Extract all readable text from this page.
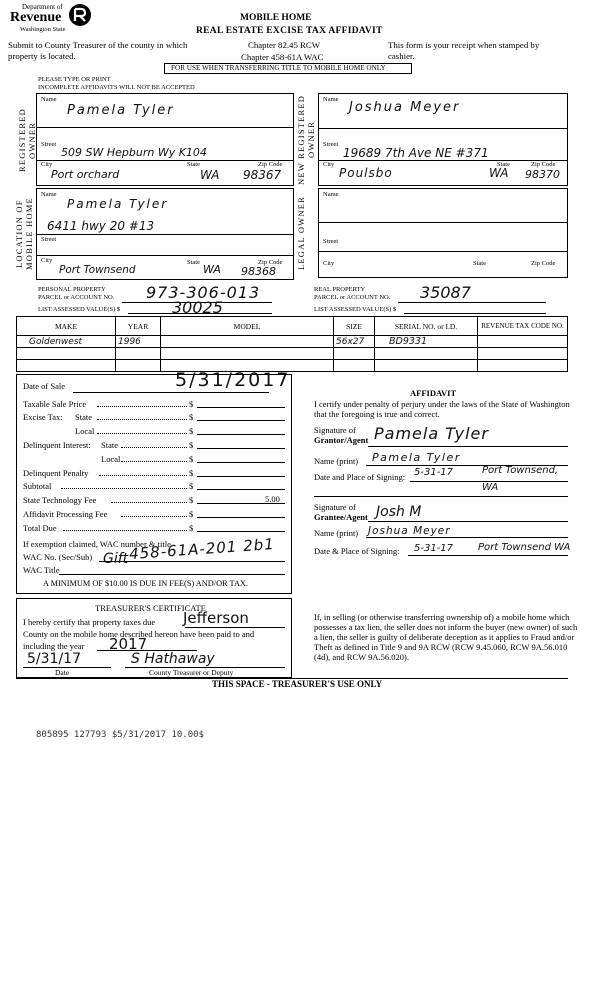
Department of
Revenue
Washington State
MOBILE HOME
REAL ESTATE EXCISE TAX AFFIDAVIT
Submit to County Treasurer of the county in which property is located.
Chapter 82.45 RCW
Chapter 458-61A WAC
This form is your receipt when stamped by cashier.
FOR USE WHEN TRANSFERRING TITLE TO MOBILE HOME ONLY
PLEASE TYPE OR PRINT
INCOMPLETE AFFIDAVITS WILL NOT BE ACCEPTED
REGISTERED OWNER
Name
Pamela Tyler
Street
509 SW Hepburn Wy K104
City	State	Zip Code
Port orchard	WA 98367 NEW REGISTERED OWNER
Name
Joshua Meyer
Street
19689 7th Ave NE #371
City	State	Zip Code
Poulsbo	WA 98370
LOCATION OF MOBILE HOME
Name
Pamela Tyler
6411 hwy 20 #13
Street
City	State	Zip Code
Port Townsend	WA 98368
LEGAL OWNER
Name
Street
City	State	Zip Code
PERSONAL PROPERTY
PARCEL or ACCOUNT NO. 973-306-013
LIST ASSESSED VALUE(S) $	30025
REAL PROPERTY
PARCEL or ACCOUNT NO. 35087
LIST ASSESSED VALUE(S) $
MAKE	YEAR	MODEL	SIZE	SERIAL NO. or I.D.	REVENUE TAX CODE NO.
Goldenwest	1996		56x27	BD9331	

Date of Sale	5/31/2017
Taxable Sale Price	$
Excise Tax: State	$
Local	$
Delinquent Interest: State	$
Local	$
Delinquent Penalty	$
Subtotal	$
State Technology Fee	$	5.00
Affidavit Processing Fee	$
Total Due	$
If exemption claimed, WAC number & title
WAC No. (Sec/Sub) 458-61A-201 2b1
WAC Title
Gift
A MINIMUM OF $10.00 IS DUE IN FEE(S) AND/OR TAX.
AFFIDAVIT
I certify under penalty of perjury under the laws of the State of Washington that the foregoing is true and correct.
Signature of
Grantor/Agent Pamela Tyler
Name (print) Pamela Tyler
Date and Place of Signing: 5-31-17	Port Townsend,
WA
Signature of
Grantee/Agent Josh M
Name (print) Joshua Meyer
Date & Place of Signing: 5-31-17 Port Townsend WA
TREASURER'S CERTIFICATE
I hereby certify that property taxes due Jefferson
County on the mobile home described hereon have been paid to and
including the year 2017
5/31/17	S Hathaway
Date	County Treasurer or Deputy
If, in selling (or otherwise transferring ownership of) a mobile home which possesses a tax lien, the seller does not inform the buyer (new owner) of such a lien, the seller is guilty of deliberate deception as it applies to Fraud and/or Theft as defined in Title 9 and 9A RCW (RCW 9.45.060, RCW 9A.56.010 (4d), and RCW 9A.56.020).
THIS SPACE - TREASURER'S USE ONLY
805895 127793 $5/31/2017 10.00$
